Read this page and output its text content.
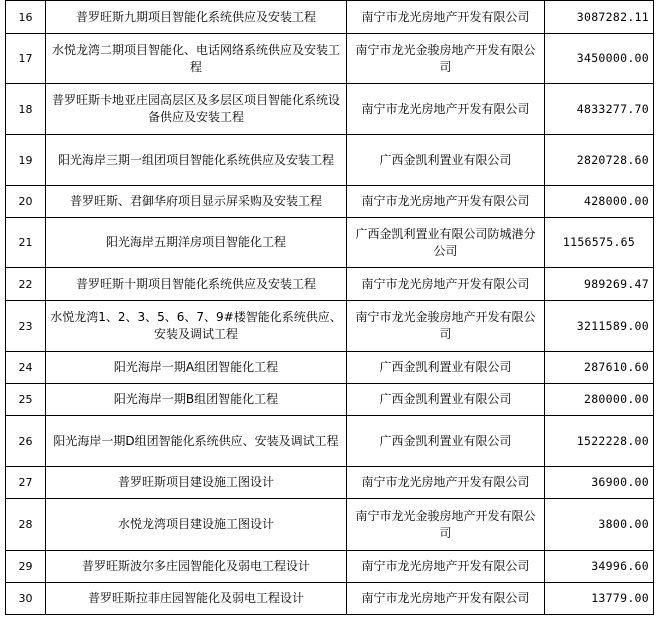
16	普罗旺斯九期项目智能化系统供应及安装工程	南宁市龙光房地产开发有限公司	3087282.11
17	水悦龙湾二期项目智能化、电话网络系统供应及安装工程	南宁市龙光金骏房地产开发有限公司	3450000.00
18	普罗旺斯卡地亚庄园高层区及多层区项目智能化系统设备供应及安装工程	南宁市龙光房地产开发有限公司	4833277.70
19	阳光海岸三期一组团项目智能化系统供应及安装工程	广西金凯利置业有限公司	2820728.60
20	普罗旺斯、君御华府项目显示屏采购及安装工程	南宁市龙光房地产开发有限公司	428000.00
21	阳光海岸五期洋房项目智能化工程	广西金凯利置业有限公司防城港分公司	1156575.65
22	普罗旺斯十期项目智能化系统供应及安装工程	南宁市龙光房地产开发有限公司	989269.47
23	水悦龙湾1、2、3、5、6、7、9#楼智能化系统供应、安装及调试工程	南宁市龙光金骏房地产开发有限公司	3211589.00
24	阳光海岸一期A组团智能化工程	广西金凯利置业有限公司	287610.60
25	阳光海岸一期B组团智能化工程	广西金凯利置业有限公司	280000.00
26	阳光海岸一期D组团智能化系统供应、安装及调试工程	广西金凯利置业有限公司	1522228.00
27	普罗旺斯项目建设施工图设计	南宁市龙光房地产开发有限公司	36900.00
28	水悦龙湾项目建设施工图设计	南宁市龙光金骏房地产开发有限公司	3800.00
29	普罗旺斯波尔多庄园智能化及弱电工程设计	南宁市龙光房地产开发有限公司	34996.60
30	普罗旺斯拉菲庄园智能化及弱电工程设计	南宁市龙光房地产开发有限公司	13779.00
